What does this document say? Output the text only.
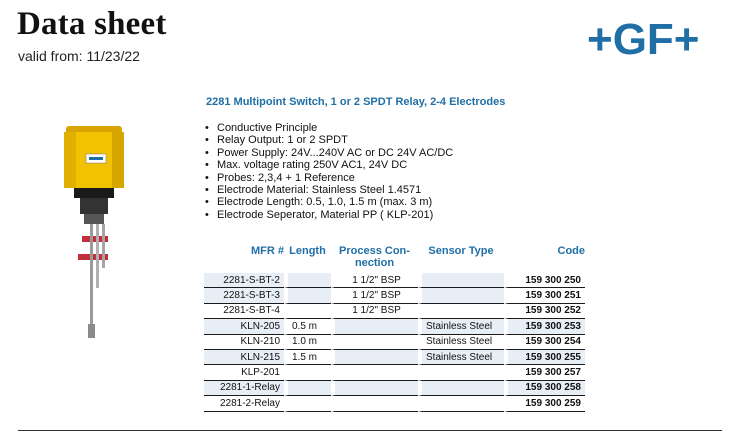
Data sheet
valid from: 11/23/22	+GF+
2281 Multipoint Switch, 1 or 2 SPDT Relay, 2-4 Electrodes
• Conductive Principle
• Relay Output: 1 or 2 SPDT
• Power Supply: 24V...240V AC or DC 24V AC/DC
• Max. voltage rating 250V AC1, 24V DC
• Probes: 2,3,4 + 1 Reference
• Electrode Material: Stainless Steel 1.4571
• Electrode Length: 0.5, 1.0, 1.5 m (max. 3 m)
• Electrode Seperator, Material PP ( KLP-201)
MFR #	Length	Process Con-
nection	Sensor Type	Code
2281-S-BT-2		1 1/2" BSP		159 300 250
2281-S-BT-3		1 1/2" BSP		159 300 251
2281-S-BT-4		1 1/2" BSP		159 300 252
KLN-205	0.5 m		Stainless Steel	159 300 253
KLN-210	1.0 m		Stainless Steel	159 300 254
KLN-215	1.5 m		Stainless Steel	159 300 255
KLP-201				159 300 257
2281-1-Relay				159 300 258
2281-2-Relay				159 300 259
